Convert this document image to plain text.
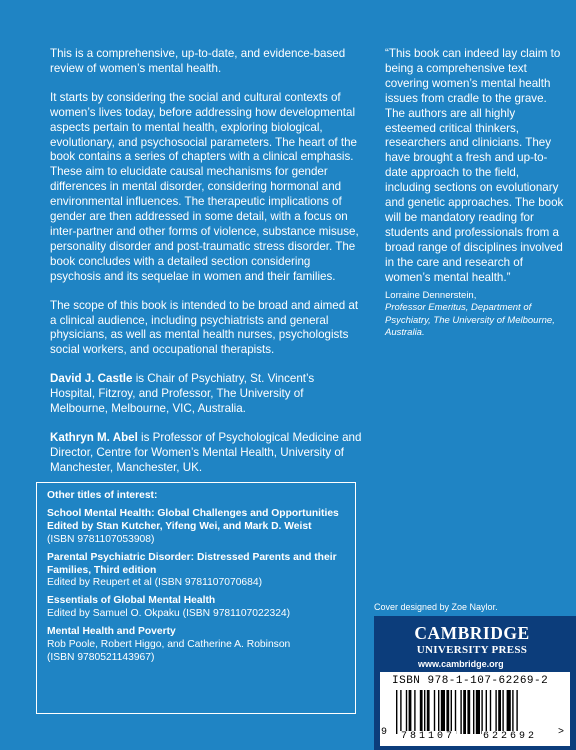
This is a comprehensive, up-to-date, and evidence-based review of women’s mental health.

It starts by considering the social and cultural contexts of women’s lives today, before addressing how developmental aspects pertain to mental health, exploring biological, evolutionary, and psychosocial parameters. The heart of the book contains a series of chapters with a clinical emphasis. These aim to elucidate causal mechanisms for gender differences in mental disorder, considering hormonal and environmental influences. The therapeutic implications of gender are then addressed in some detail, with a focus on inter-partner and other forms of violence, substance misuse, personality disorder and post-traumatic stress disorder. The book concludes with a detailed section considering psychosis and its sequelae in women and their families.

The scope of this book is intended to be broad and aimed at a clinical audience, including psychiatrists and general physicians, as well as mental health nurses, psychologists social workers, and occupational therapists.

David J. Castle is Chair of Psychiatry, St. Vincent’s Hospital, Fitzroy, and Professor, The University of Melbourne, Melbourne, VIC, Australia.

Kathryn M. Abel is Professor of Psychological Medicine and Director, Centre for Women’s Mental Health, University of Manchester, Manchester, UK.

“This book can indeed lay claim to being a comprehensive text covering women’s mental health issues from cradle to the grave. The authors are all highly esteemed critical thinkers, researchers and clinicians. They have brought a fresh and up-to-date approach to the field, including sections on evolutionary and genetic approaches. The book will be mandatory reading for students and professionals from a broad range of disciplines involved in the care and research of women’s mental health.”

Lorraine Dennerstein,
Professor Emeritus, Department of Psychiatry, The University of Melbourne, Australia.
Other titles of interest:
School Mental Health: Global Challenges and Opportunities
Edited by Stan Kutcher, Yifeng Wei, and Mark D. Weist
(ISBN 9781107053908)
Parental Psychiatric Disorder: Distressed Parents and their Families, Third edition
Edited by Reupert et al (ISBN 9781107070684)
Essentials of Global Mental Health
Edited by Samuel O. Okpaku (ISBN 9781107022324)
Mental Health and Poverty
Rob Poole, Robert Higgo, and Catherine A. Robinson
(ISBN 9780521143967)
Cover designed by Zoe Naylor.
CAMBRIDGE
UNIVERSITY PRESS
www.cambridge.org
ISBN 978-1-107-62269-2
9 781107	622692 >
